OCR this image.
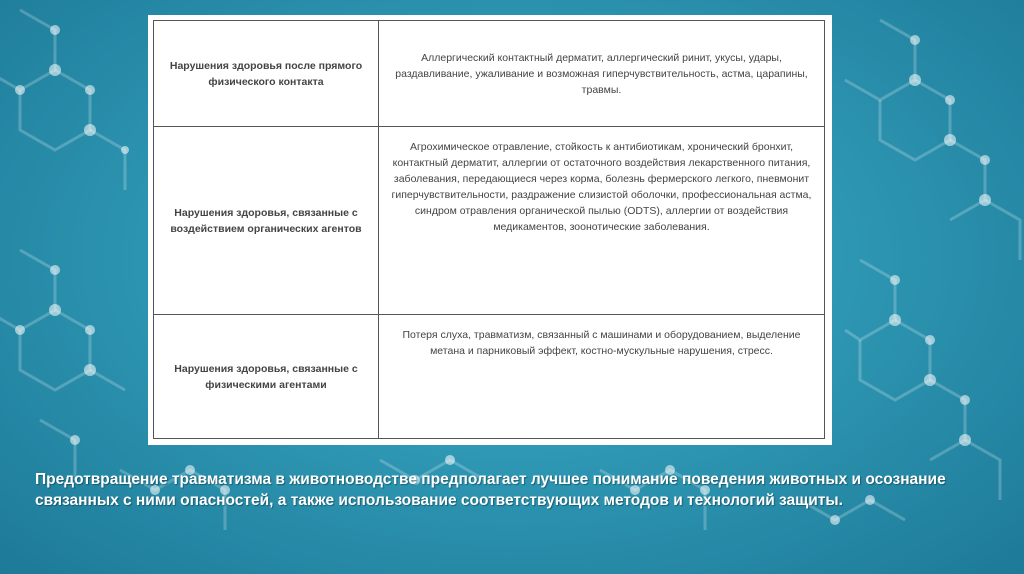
Нарушения здоровья после прямого физического контакта	Аллергический контактный дерматит, аллергический ринит, укусы, удары, раздавливание, ужаливание и возможная гиперчувствительность, астма, царапины, травмы.
Нарушения здоровья, связанные с воздействием органических агентов	Агрохимическое отравление, стойкость к антибиотикам, хронический бронхит, контактный дерматит, аллергии от остаточного воздействия лекарственного питания, заболевания, передающиеся через корма, болезнь фермерского легкого, пневмонит гиперчувствительности, раздражение слизистой оболочки, профессиональная астма, синдром отравления органической пылью (ODTS), аллергии от воздействия медикаментов, зоонотические заболевания.
Нарушения здоровья, связанные с физическими агентами	Потеря слуха, травматизм, связанный с машинами и оборудованием, выделение метана и парниковый эффект, костно-мускульные нарушения, стресс.
Предотвращение травматизма в животноводстве предполагает лучшее понимание поведения животных и осознание связанных с ними опасностей, а также использование соответствующих методов и технологий защиты.
